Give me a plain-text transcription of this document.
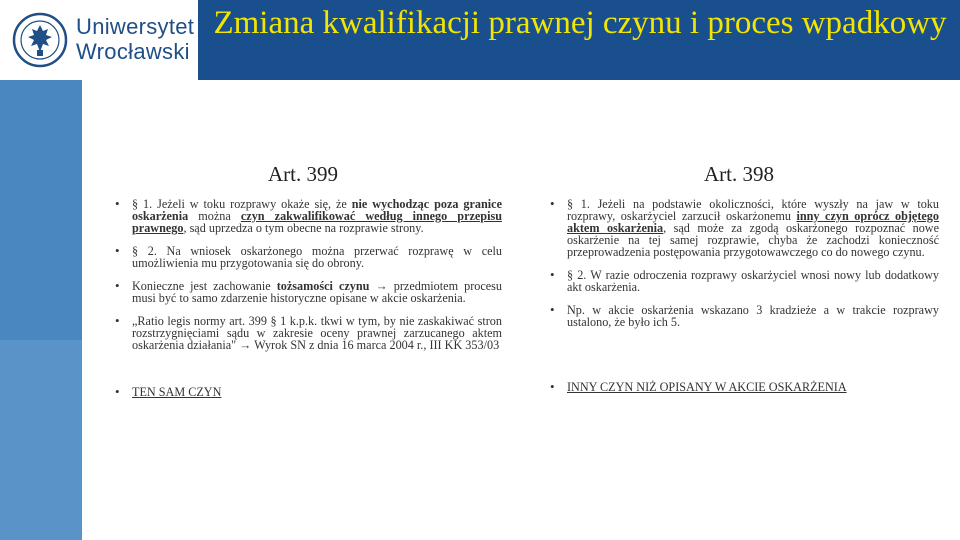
Uniwersytet
Wrocławski
Zmiana kwalifikacji prawnej czynu i proces wpadkowy
Art. 399	Art. 398
• § 1. Jeżeli w toku rozprawy okaże się, że nie wychodząc poza granice oskarżenia można czyn zakwalifikować według innego przepisu prawnego, sąd uprzedza o tym obecne na rozprawie strony.
• § 2. Na wniosek oskarżonego można przerwać rozprawę w celu umożliwienia mu przygotowania się do obrony.
• Konieczne jest zachowanie tożsamości czynu → przedmiotem procesu musi być to samo zdarzenie historyczne opisane w akcie oskarżenia.
• „Ratio legis normy art. 399 § 1 k.p.k. tkwi w tym, by nie zaskakiwać stron rozstrzygnięciami sądu w zakresie oceny prawnej zarzucanego aktem oskarżenia działania" → Wyrok SN z dnia 16 marca 2004 r., III KK 353/03
• TEN SAM CZYN
• § 1. Jeżeli na podstawie okoliczności, które wyszły na jaw w toku rozprawy, oskarżyciel zarzucił oskarżonemu inny czyn oprócz objętego aktem oskarżenia, sąd może za zgodą oskarżonego rozpoznać nowe oskarżenie na tej samej rozprawie, chyba że zachodzi konieczność przeprowadzenia postępowania przygotowawczego co do nowego czynu.
• § 2. W razie odroczenia rozprawy oskarżyciel wnosi nowy lub dodatkowy akt oskarżenia.
• Np. w akcie oskarżenia wskazano 3 kradzieże a w trakcie rozprawy ustalono, że było ich 5.
• INNY CZYN NIŻ OPISANY W AKCIE OSKARŻENIA
